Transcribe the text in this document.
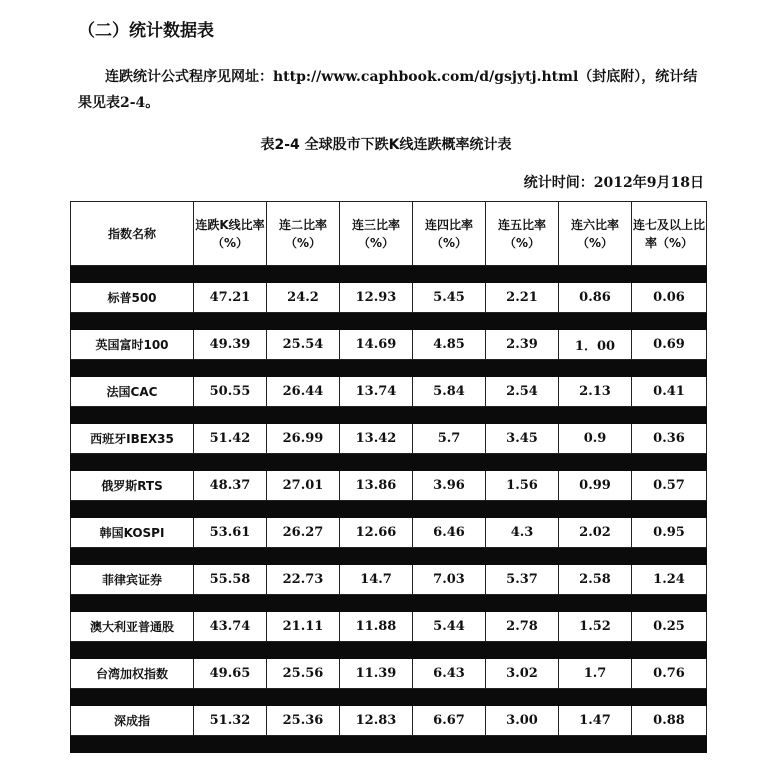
（二）统计数据表
连跌统计公式程序见网址：http://www.caphbook.com/d/gsjytj.html（封底附），统计结果见表2-4。
表2-4 全球股市下跌K线连跌概率统计表
统计时间：2012年9月18日
指数名称	连跌K线比率（%）	连二比率（%）	连三比率（%）	连四比率（%）	连五比率（%）	连六比率（%）	连七及以上比率（%）

标普500	47.21	24.2	12.93	5.45	2.21	0.86	0.06

英国富时100	49.39	25.54	14.69	4.85	2.39	1．00	0.69

法国CAC	50.55	26.44	13.74	5.84	2.54	2.13	0.41

西班牙IBEX35	51.42	26.99	13.42	5.7	3.45	0.9	0.36

俄罗斯RTS	48.37	27.01	13.86	3.96	1.56	0.99	0.57

韩国KOSPI	53.61	26.27	12.66	6.46	4.3	2.02	0.95

菲律宾证券	55.58	22.73	14.7	7.03	5.37	2.58	1.24

澳大利亚普通股	43.74	21.11	11.88	5.44	2.78	1.52	0.25

台湾加权指数	49.65	25.56	11.39	6.43	3.02	1.7	0.76

深成指	51.32	25.36	12.83	6.67	3.00	1.47	0.88
